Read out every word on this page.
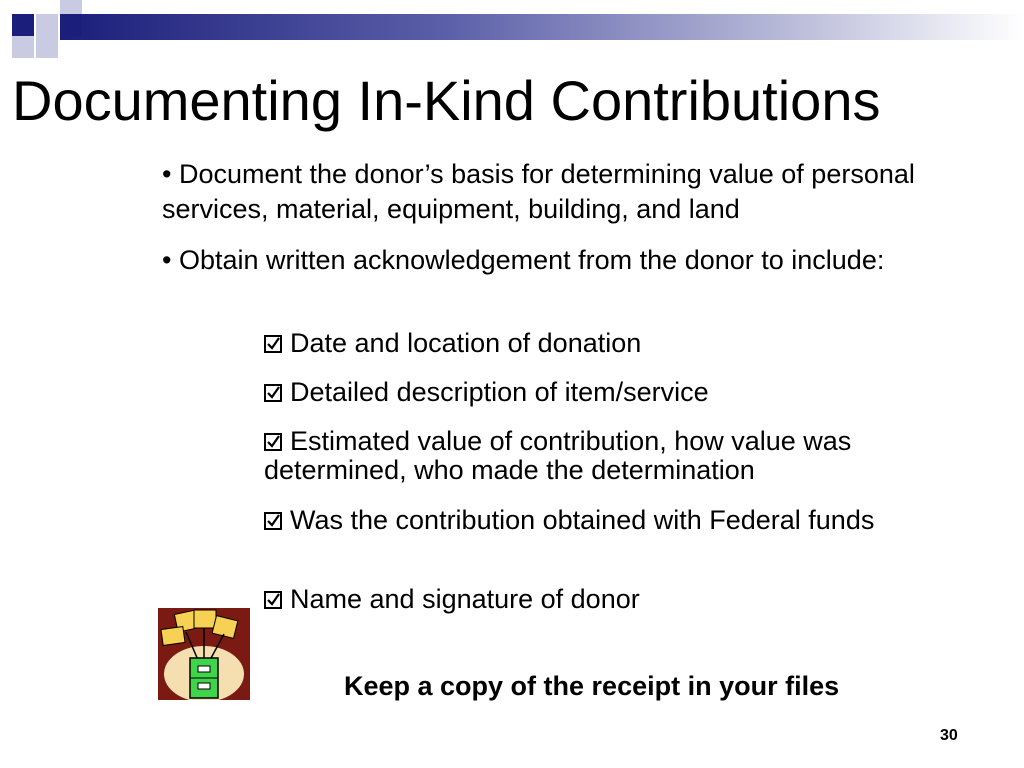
Documenting In-Kind Contributions
• Document the donor’s basis for determining value of personal services, material, equipment, building, and land
• Obtain written acknowledgement from the donor to include:
Date and location of donation
Detailed description of item/service
Estimated value of contribution, how value was determined, who made the determination
Was the contribution obtained with Federal funds
Name and signature of donor
Keep a copy of the receipt in your files
30
